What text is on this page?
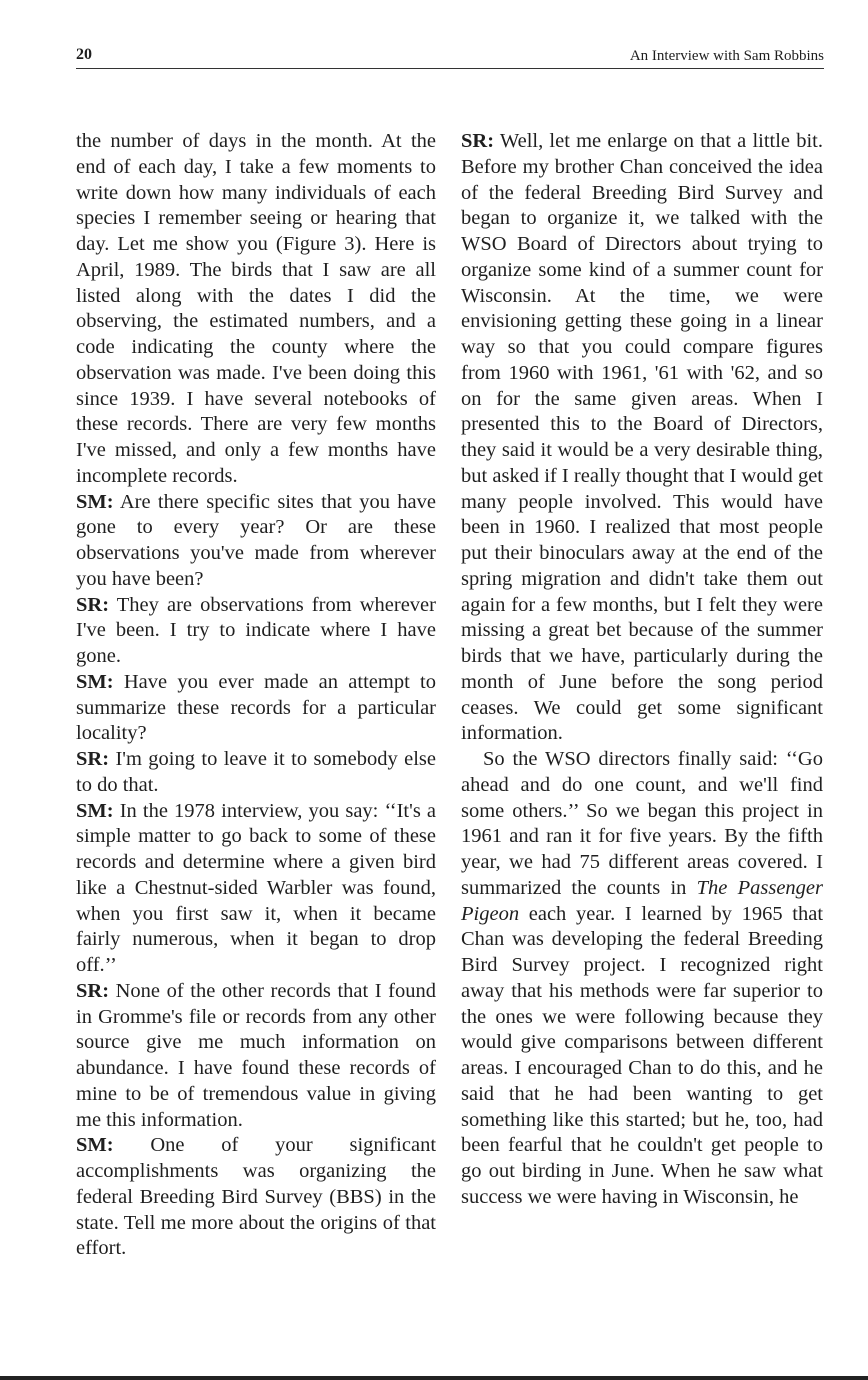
20	An Interview with Sam Robbins

the number of days in the month. At the end of each day, I take a few moments to write down how many individuals of each species I remember seeing or hearing that day. Let me show you (Figure 3). Here is April, 1989. The birds that I saw are all listed along with the dates I did the observing, the estimated numbers, and a code indicating the county where the observation was made. I've been doing this since 1939. I have several notebooks of these records. There are very few months I've missed, and only a few months have incomplete records.

SM: Are there specific sites that you have gone to every year? Or are these observations you've made from wherever you have been?

SR: They are observations from wherever I've been. I try to indicate where I have gone.

SM: Have you ever made an attempt to summarize these records for a particular locality?

SR: I'm going to leave it to somebody else to do that.

SM: In the 1978 interview, you say: ‘‘It's a simple matter to go back to some of these records and determine where a given bird like a Chestnut-sided Warbler was found, when you first saw it, when it became fairly numerous, when it began to drop off.’’

SR: None of the other records that I found in Gromme's file or records from any other source give me much information on abundance. I have found these records of mine to be of tremendous value in giving me this information.

SM: One of your significant accomplishments was organizing the federal Breeding Bird Survey (BBS) in the state. Tell me more about the origins of that effort.

SR: Well, let me enlarge on that a little bit. Before my brother Chan conceived the idea of the federal Breeding Bird Survey and began to organize it, we talked with the WSO Board of Directors about trying to organize some kind of a summer count for Wisconsin. At the time, we were envisioning getting these going in a linear way so that you could compare figures from 1960 with 1961, '61 with '62, and so on for the same given areas. When I presented this to the Board of Directors, they said it would be a very desirable thing, but asked if I really thought that I would get many people involved. This would have been in 1960. I realized that most people put their binoculars away at the end of the spring migration and didn't take them out again for a few months, but I felt they were missing a great bet because of the summer birds that we have, particularly during the month of June before the song period ceases. We could get some significant information.

So the WSO directors finally said: ‘‘Go ahead and do one count, and we'll find some others.’’ So we began this project in 1961 and ran it for five years. By the fifth year, we had 75 different areas covered. I summarized the counts in The Passenger Pigeon each year. I learned by 1965 that Chan was developing the federal Breeding Bird Survey project. I recognized right away that his methods were far superior to the ones we were following because they would give comparisons between different areas. I encouraged Chan to do this, and he said that he had been wanting to get something like this started; but he, too, had been fearful that he couldn't get people to go out birding in June. When he saw what success we were having in Wisconsin, he
